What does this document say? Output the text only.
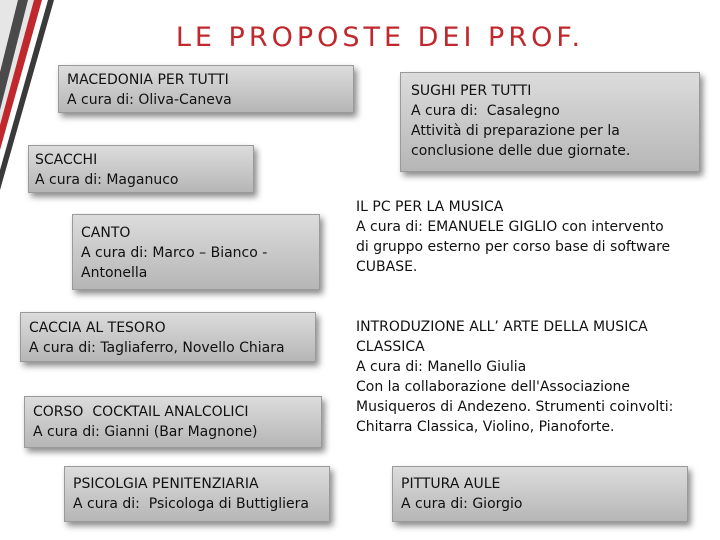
LE PROPOSTE DEI PROF.
MACEDONIA PER TUTTI
A cura di: Oliva-Caneva
SUGHI PER TUTTI
A cura di:  Casalegno
Attività di preparazione per la
conclusione delle due giornate.
SCACCHI
A cura di: Maganuco
IL PC PER LA MUSICA
A cura di: EMANUELE GIGLIO con intervento
di gruppo esterno per corso base di software
CUBASE.
CANTO
A cura di: Marco – Bianco -
Antonella
CACCIA AL TESORO
A cura di: Tagliaferro, Novello Chiara
INTRODUZIONE ALL’ ARTE DELLA MUSICA
CLASSICA
A cura di: Manello Giulia
Con la collaborazione dell'Associazione
Musiqueros di Andezeno. Strumenti coinvolti:
Chitarra Classica, Violino, Pianoforte.
CORSO  COCKTAIL ANALCOLICI
A cura di: Gianni (Bar Magnone)
PSICOLGIA PENITENZIARIA
A cura di:  Psicologa di Buttigliera
PITTURA AULE
A cura di: Giorgio
